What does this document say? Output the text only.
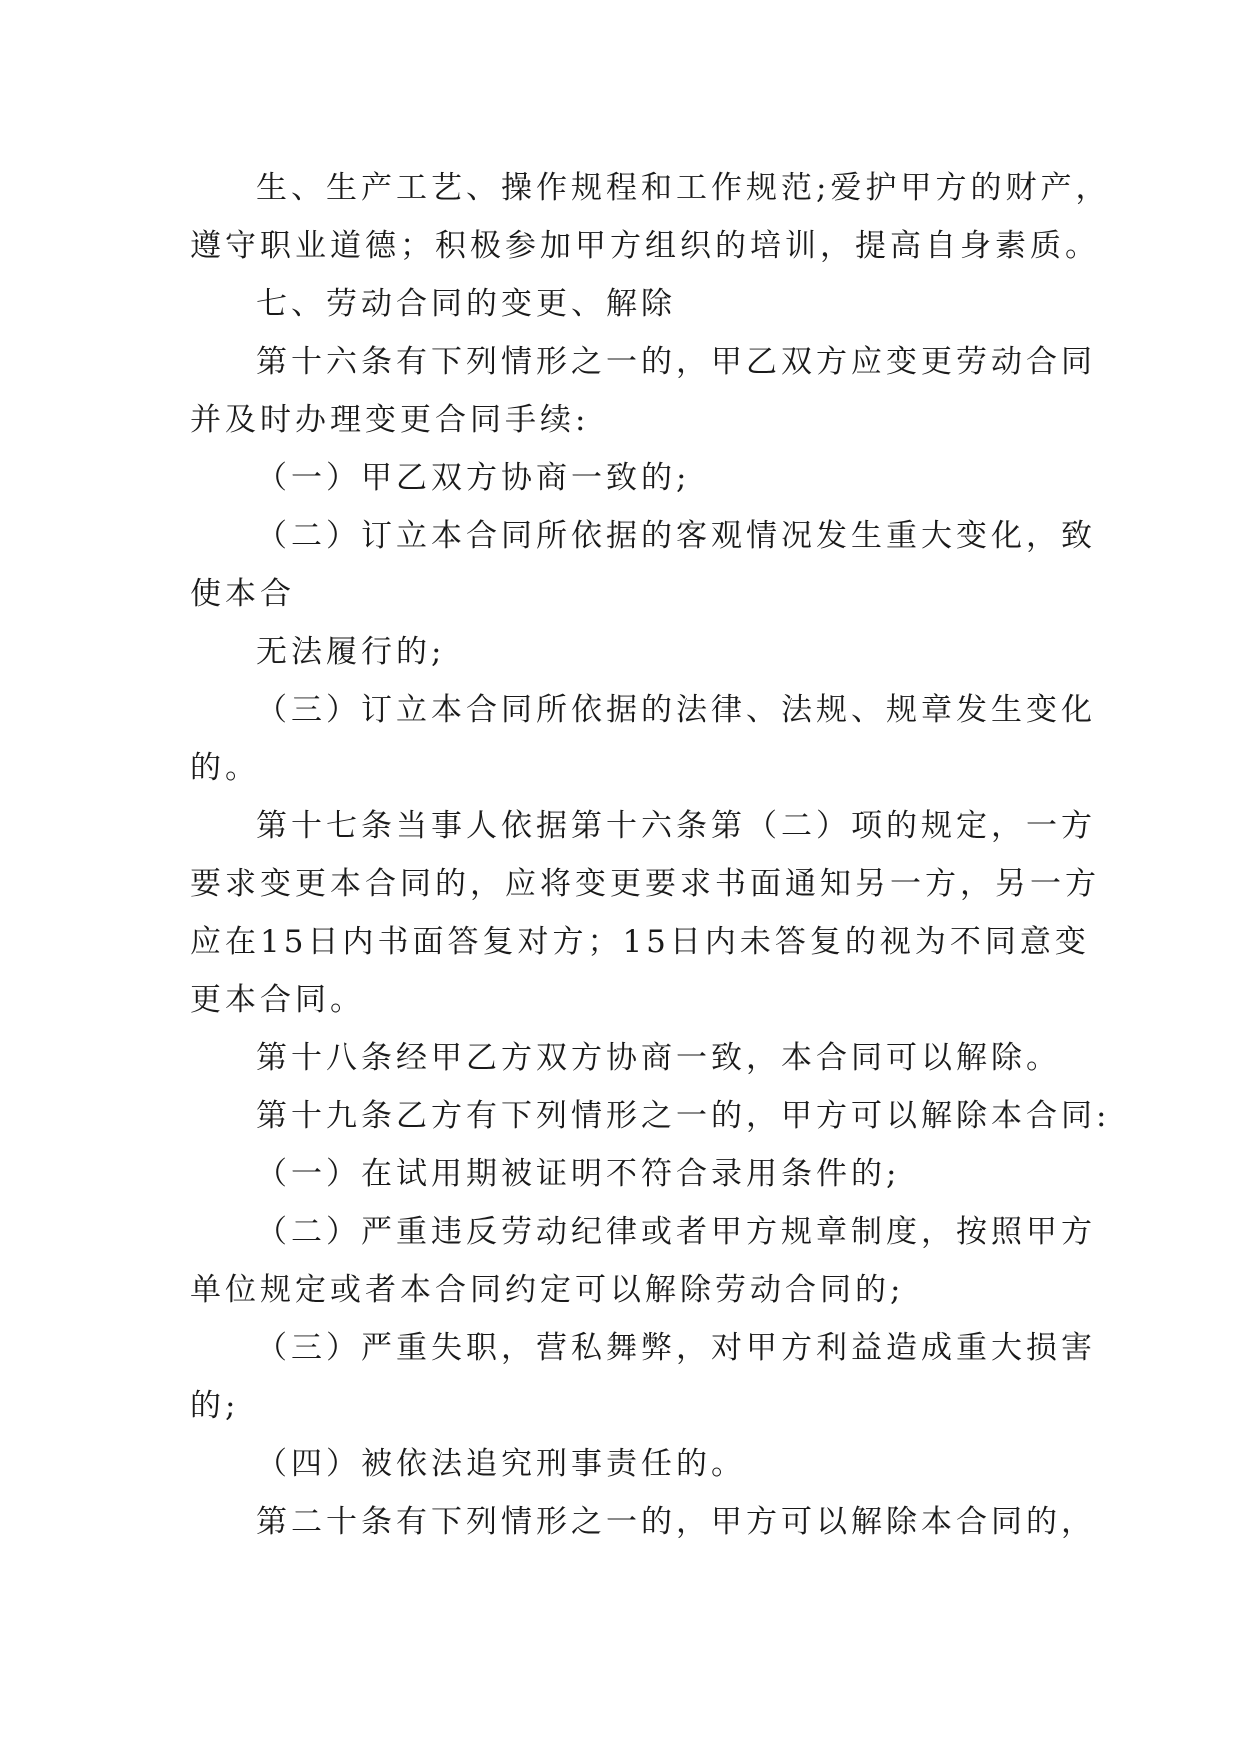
生、生产工艺、操作规程和工作规范;爱护甲方的财产，
遵守职业道德；积极参加甲方组织的培训，提高自身素质。
七、劳动合同的变更、解除
第十六条有下列情形之一的，甲乙双方应变更劳动合同
并及时办理变更合同手续:
（一）甲乙双方协商一致的;
（二）订立本合同所依据的客观情况发生重大变化，致
使本合
无法履行的;
（三）订立本合同所依据的法律、法规、规章发生变化
的。
第十七条当事人依据第十六条第（二）项的规定，一方
要求变更本合同的，应将变更要求书面通知另一方，另一方
应在15日内书面答复对方；15日内未答复的视为不同意变
更本合同。
第十八条经甲乙方双方协商一致，本合同可以解除。
第十九条乙方有下列情形之一的，甲方可以解除本合同:
（一）在试用期被证明不符合录用条件的;
（二）严重违反劳动纪律或者甲方规章制度，按照甲方
单位规定或者本合同约定可以解除劳动合同的;
（三）严重失职，营私舞弊，对甲方利益造成重大损害
的;
（四）被依法追究刑事责任的。
第二十条有下列情形之一的，甲方可以解除本合同的，
